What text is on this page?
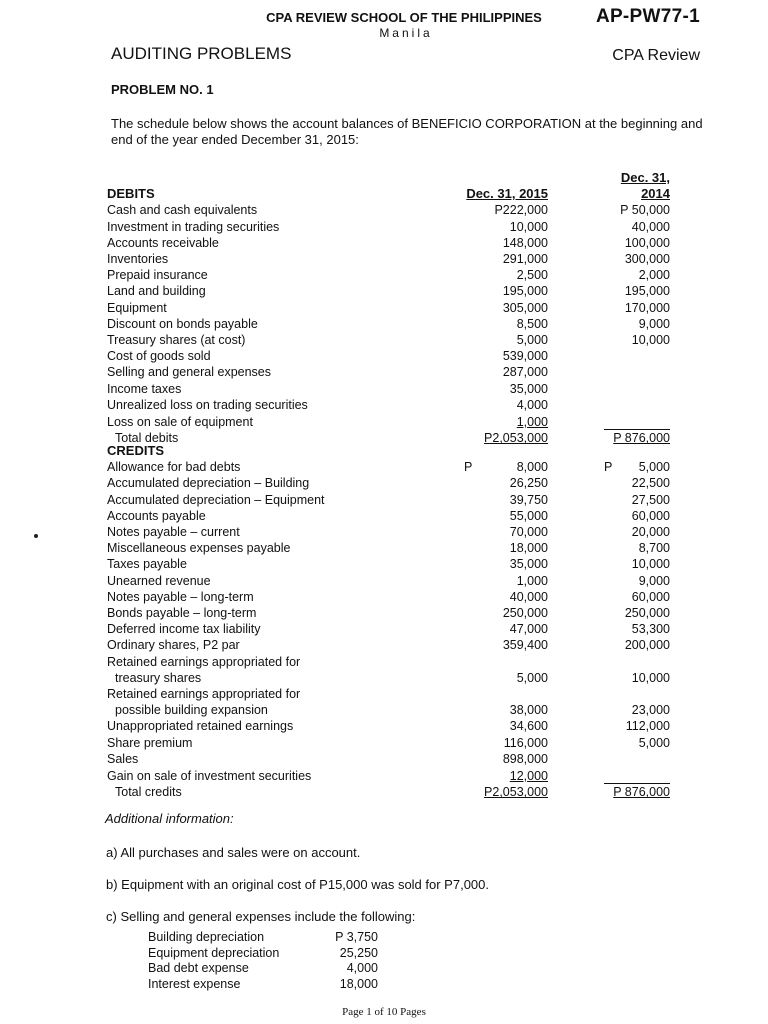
CPA REVIEW SCHOOL OF THE PHILIPPINES
Manila
AP-PW77-1
AUDITING PROBLEMS	CPA Review
PROBLEM NO. 1
The schedule below shows the account balances of BENEFICIO CORPORATION at the beginning and end of the year ended December 31, 2015:
DEBITS	Dec. 31, 2015		Dec. 31, 2014
Cash and cash equivalents	P222,000		P 50,000
Investment in trading securities	10,000		40,000
Accounts receivable	148,000		100,000
Inventories	291,000		300,000
Prepaid insurance	2,500		2,000
Land and building	195,000		195,000
Equipment	305,000		170,000
Discount on bonds payable	8,500		9,000
Treasury shares (at cost)	5,000		10,000
Cost of goods sold	539,000		
Selling and general expenses	287,000		
Income taxes	35,000		
Unrealized loss on trading securities	4,000		
Loss on sale of equipment	1,000		
Total debits	P2,053,000		P 876,000
CREDITS			
Allowance for bad debts	P 8,000		P 5,000
Accumulated depreciation – Building	26,250		22,500
Accumulated depreciation – Equipment	39,750		27,500
Accounts payable	55,000		60,000
Notes payable – current	70,000		20,000
Miscellaneous expenses payable	18,000		8,700
Taxes payable	35,000		10,000
Unearned revenue	1,000		9,000
Notes payable – long-term	40,000		60,000
Bonds payable – long-term	250,000		250,000
Deferred income tax liability	47,000		53,300
Ordinary shares, P2 par	359,400		200,000
Retained earnings appropriated for			
treasury shares	5,000		10,000
Retained earnings appropriated for			
possible building expansion	38,000		23,000
Unappropriated retained earnings	34,600		112,000
Share premium	116,000		5,000
Sales	898,000		
Gain on sale of investment securities	12,000		
Total credits	P2,053,000		P 876,000
Additional information:
a) All purchases and sales were on account.
b) Equipment with an original cost of P15,000 was sold for P7,000.
c) Selling and general expenses include the following:
Building depreciation	P 3,750
Equipment depreciation	25,250
Bad debt expense	4,000
Interest expense	18,000
Page 1 of 10 Pages
